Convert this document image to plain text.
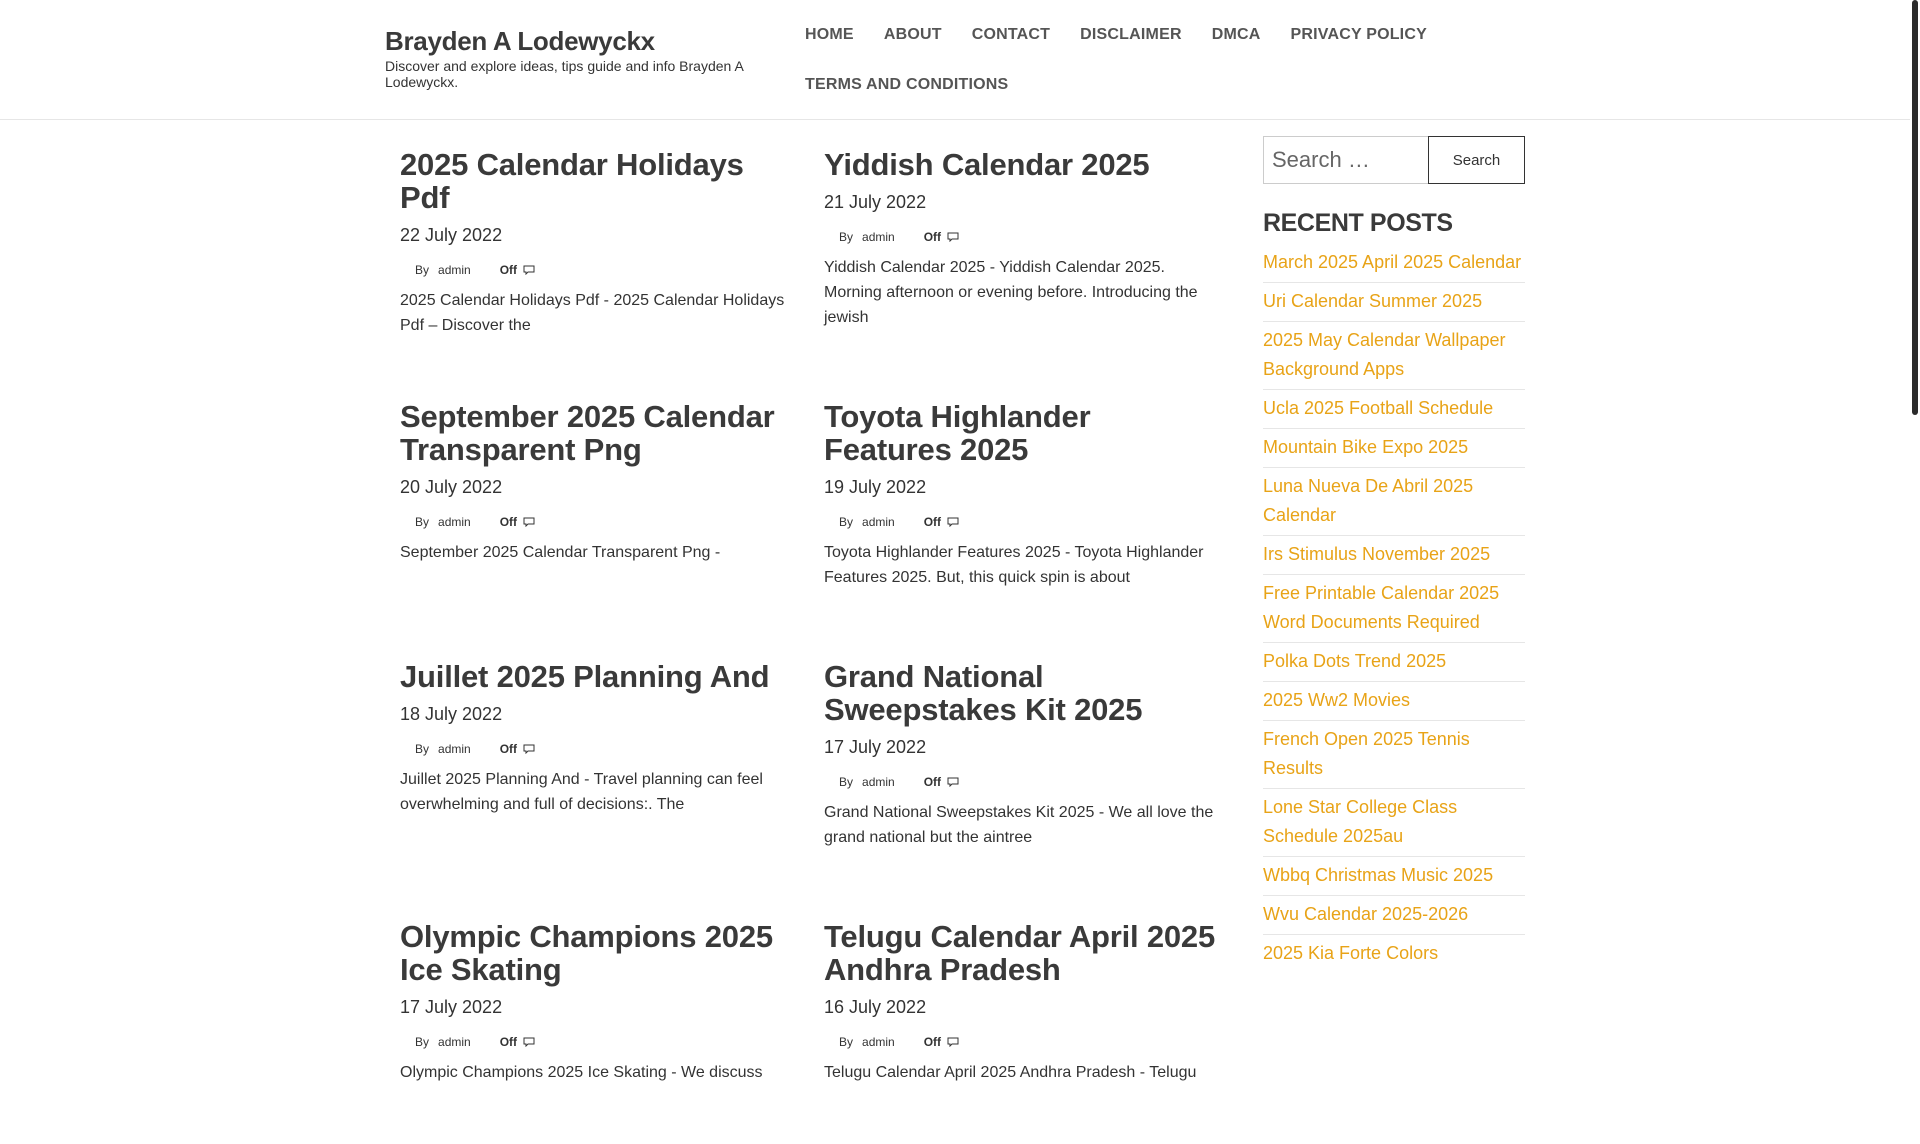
Brayden A Lodewyckx
Discover and explore ideas, tips guide and info Brayden A Lodewyckx.
HOME	ABOUT	CONTACT	DISCLAIMER	DMCA	PRIVACY POLICY
TERMS AND CONDITIONS
2025 Calendar Holidays Pdf
22 July 2022
By admin Off
2025 Calendar Holidays Pdf - 2025 Calendar Holidays Pdf – Discover the
Yiddish Calendar 2025
21 July 2022
By admin Off
Yiddish Calendar 2025 - Yiddish Calendar 2025. Morning afternoon or evening before. Introducing the jewish
September 2025 Calendar Transparent Png
20 July 2022
By admin Off
September 2025 Calendar Transparent Png -
Toyota Highlander Features 2025
19 July 2022
By admin Off
Toyota Highlander Features 2025 - Toyota Highlander Features 2025. But, this quick spin is about
Juillet 2025 Planning And
18 July 2022
By admin Off
Juillet 2025 Planning And - Travel planning can feel overwhelming and full of decisions:. The
Grand National Sweepstakes Kit 2025
17 July 2022
By admin Off
Grand National Sweepstakes Kit 2025 - We all love the grand national but the aintree
Olympic Champions 2025 Ice Skating
17 July 2022
By admin Off
Olympic Champions 2025 Ice Skating - We discuss
Telugu Calendar April 2025 Andhra Pradesh
16 July 2022
By admin Off
Telugu Calendar April 2025 Andhra Pradesh - Telugu
Search …
Search
RECENT POSTS
March 2025 April 2025 Calendar
Uri Calendar Summer 2025
2025 May Calendar Wallpaper Background Apps
Ucla 2025 Football Schedule
Mountain Bike Expo 2025
Luna Nueva De Abril 2025 Calendar
Irs Stimulus November 2025
Free Printable Calendar 2025 Word Documents Required
Polka Dots Trend 2025
2025 Ww2 Movies
French Open 2025 Tennis Results
Lone Star College Class Schedule 2025au
Wbbq Christmas Music 2025
Wvu Calendar 2025-2026
2025 Kia Forte Colors
